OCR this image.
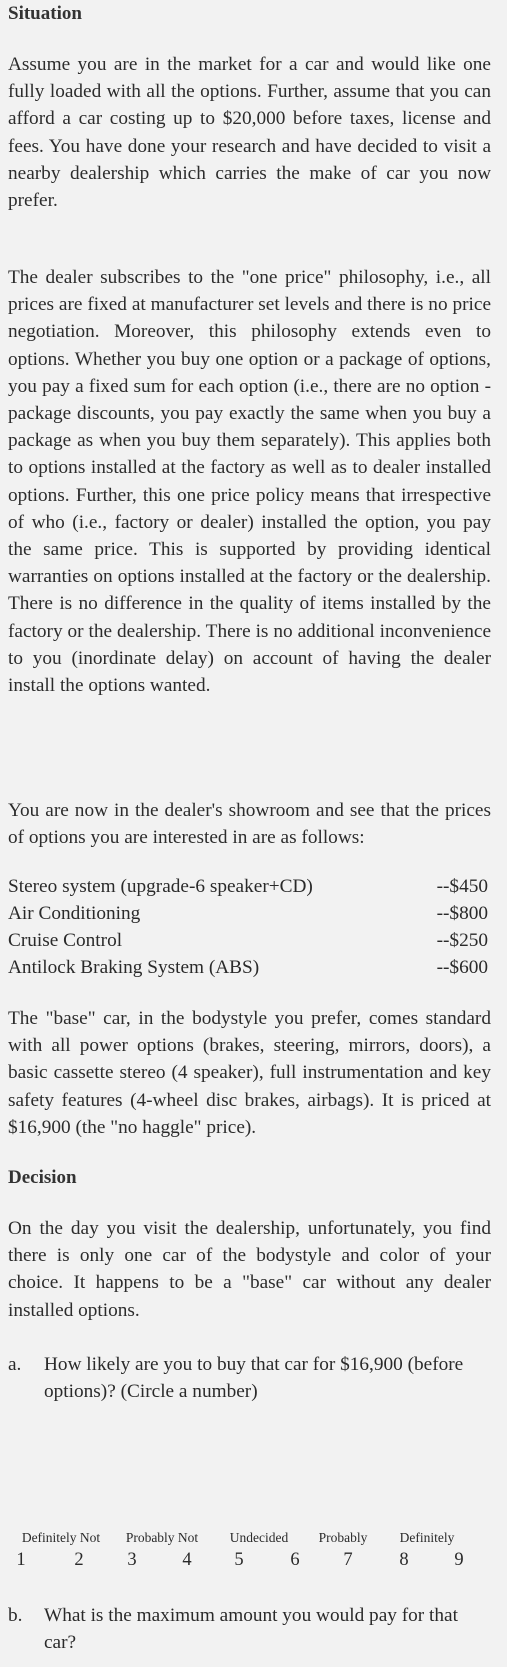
Situation
Assume you are in the market for a car and would like one fully loaded with all the options. Further, assume that you can afford a car costing up to $20,000 before taxes, license and fees. You have done your research and have decided to visit a nearby dealership which carries the make of car you now prefer.
The dealer subscribes to the "one price" philosophy, i.e., all prices are fixed at manufacturer set levels and there is no price negotiation. Moreover, this philosophy extends even to options. Whether you buy one option or a package of options, you pay a fixed sum for each option (i.e., there are no option - package discounts, you pay exactly the same when you buy a package as when you buy them separately). This applies both to options installed at the factory as well as to dealer installed options. Further, this one price policy means that irrespective of who (i.e., factory or dealer) installed the option, you pay the same price. This is supported by providing identical warranties on options installed at the factory or the dealership. There is no difference in the quality of items installed by the factory or the dealership. There is no additional inconvenience to you (inordinate delay) on account of having the dealer install the options wanted.
You are now in the dealer's showroom and see that the prices of options you are interested in are as follows:
Stereo system (upgrade-6 speaker+CD)	--$450
Air Conditioning	--$800
Cruise Control	--$250
Antilock Braking System (ABS)	--$600
The "base" car, in the bodystyle you prefer, comes standard with all power options (brakes, steering, mirrors, doors), a basic cassette stereo (4 speaker), full instrumentation and key safety features (4-wheel disc brakes, airbags). It is priced at $16,900 (the "no haggle" price).
Decision
On the day you visit the dealership, unfortunately, you find there is only one car of the bodystyle and color of your choice. It happens to be a "base" car without any dealer installed options.
a. How likely are you to buy that car for $16,900 (before options)? (Circle a number)
Definitely Not Probably Not Undecided Probably Definitely
1	2 3 4 5	6 7	8 9
b. What is the maximum amount you would pay for that car?
